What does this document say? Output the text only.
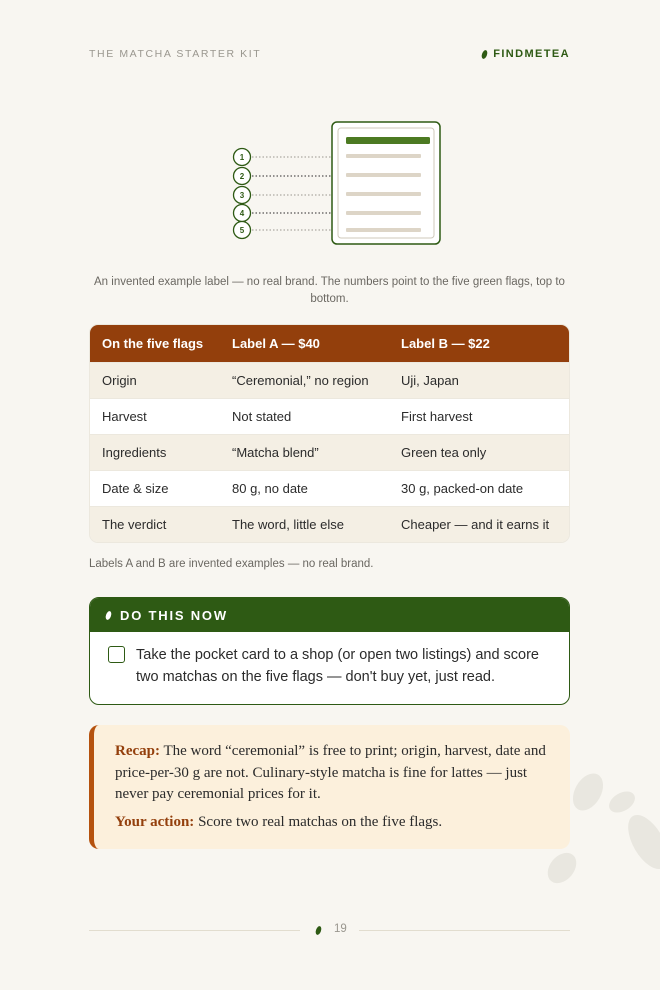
THE MATCHA STARTER KIT	FINDMETEA
1
2
3
4
5

An invented example label — no real brand. The numbers point to the five green flags, top to bottom.

On the five flags	Label A — $40	Label B — $22
Origin	“Ceremonial,” no region	Uji, Japan
Harvest	Not stated	First harvest
Ingredients	“Matcha blend”	Green tea only
Date & size	80 g, no date	30 g, packed-on date
The verdict	The word, little else	Cheaper — and it earns it

Labels A and B are invented examples — no real brand.

DO THIS NOW
Take the pocket card to a shop (or open two listings) and score two matchas on the five flags — don't buy yet, just read.

Recap: The word “ceremonial” is free to print; origin, harvest, date and price-per-30 g are not. Culinary-style matcha is fine for lattes — just never pay ceremonial prices for it.

Your action: Score two real matchas on the five flags.

19
